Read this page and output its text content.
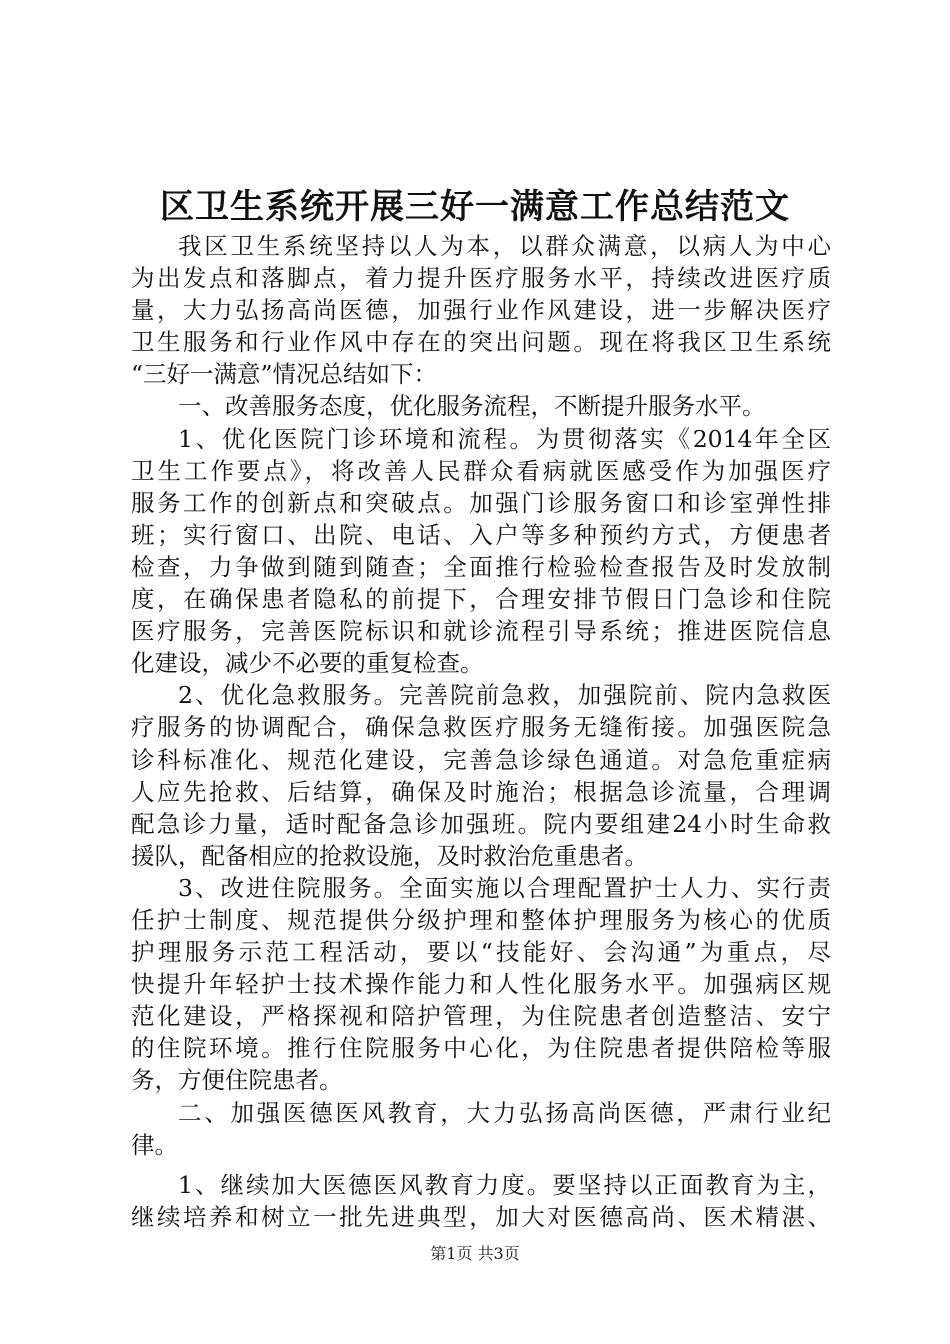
区卫生系统开展三好一满意工作总结范文
我区卫生系统坚持以人为本，以群众满意，以病人为中心
为出发点和落脚点，着力提升医疗服务水平，持续改进医疗质
量，大力弘扬高尚医德，加强行业作风建设，进一步解决医疗
卫生服务和行业作风中存在的突出问题。现在将我区卫生系统
“三好一满意”情况总结如下：
一、改善服务态度，优化服务流程，不断提升服务水平。
1、优化医院门诊环境和流程。为贯彻落实《2014年全区
卫生工作要点》，将改善人民群众看病就医感受作为加强医疗
服务工作的创新点和突破点。加强门诊服务窗口和诊室弹性排
班；实行窗口、出院、电话、入户等多种预约方式，方便患者
检查，力争做到随到随查；全面推行检验检查报告及时发放制
度，在确保患者隐私的前提下，合理安排节假日门急诊和住院
医疗服务，完善医院标识和就诊流程引导系统；推进医院信息
化建设，减少不必要的重复检查。
2、优化急救服务。完善院前急救，加强院前、院内急救医
疗服务的协调配合，确保急救医疗服务无缝衔接。加强医院急
诊科标准化、规范化建设，完善急诊绿色通道。对急危重症病
人应先抢救、后结算，确保及时施治；根据急诊流量，合理调
配急诊力量，适时配备急诊加强班。院内要组建24小时生命救
援队，配备相应的抢救设施，及时救治危重患者。
3、改进住院服务。全面实施以合理配置护士人力、实行责
任护士制度、规范提供分级护理和整体护理服务为核心的优质
护理服务示范工程活动，要以“技能好、会沟通”为重点，尽
快提升年轻护士技术操作能力和人性化服务水平。加强病区规
范化建设，严格探视和陪护管理，为住院患者创造整洁、安宁
的住院环境。推行住院服务中心化，为住院患者提供陪检等服
务，方便住院患者。
二、加强医德医风教育，大力弘扬高尚医德，严肃行业纪
律。
1、继续加大医德医风教育力度。要坚持以正面教育为主，
继续培养和树立一批先进典型，加大对医德高尚、医术精湛、
第1页 共3页
